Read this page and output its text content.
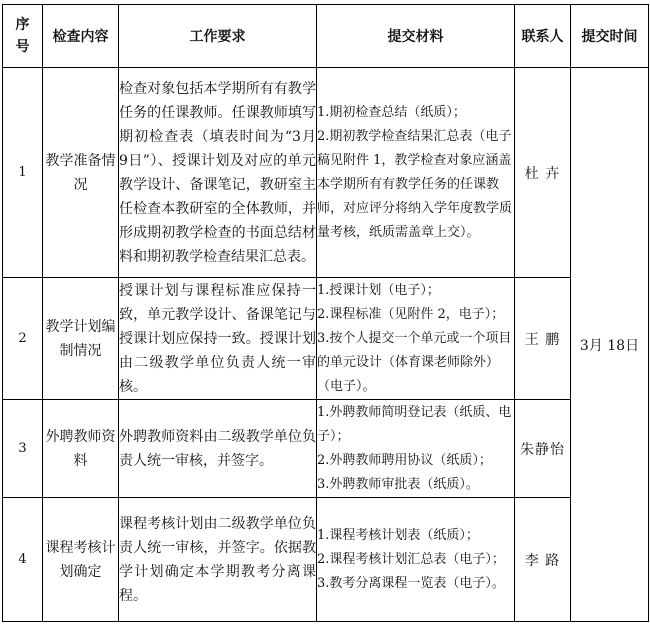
序
号	检查内容	工作要求	提交材料	联系人	提交时间
1	教学准备情况	检查对象包括本学期所有有教学任务的任课教师。任课教师填写期初检查表（填表时间为“3月 9日”）、授课计划及对应的单元教学设计、备课笔记，教研室主任检查本教研室的全体教师，并形成期初教学检查的书面总结材料和期初教学检查结果汇总表。	1.期初检查总结（纸质）；
2.期初教学检查结果汇总表（电子稿见附件 1，教学检查对象应涵盖本学期所有有教学任务的任课教师，对应评分将纳入学年度教学质量考核，纸质需盖章上交）。	杜 卉	3月 18日
2	教学计划编制情况	授课计划与课程标准应保持一致，单元教学设计、备课笔记与授课计划应保持一致。授课计划由二级教学单位负责人统一审核。	1.授课计划（电子）；
2.课程标准（见附件 2，电子）；
3.按个人提交一个单元或一个项目的单元设计（体育课老师除外）（电子）。	王 鹏	
3	外聘教师资料	外聘教师资料由二级教学单位负责人统一审核，并签字。	1.外聘教师简明登记表（纸质、电子）；
2.外聘教师聘用协议（纸质）；
3.外聘教师审批表（纸质）。	朱静怡	
4	课程考核计划确定	课程考核计划由二级教学单位负责人统一审核，并签字。依据教学计划确定本学期教考分离课程。	1.课程考核计划表（纸质）；
2.课程考核计划汇总表（电子）；
3.教考分离课程一览表（电子）。	李 路	
